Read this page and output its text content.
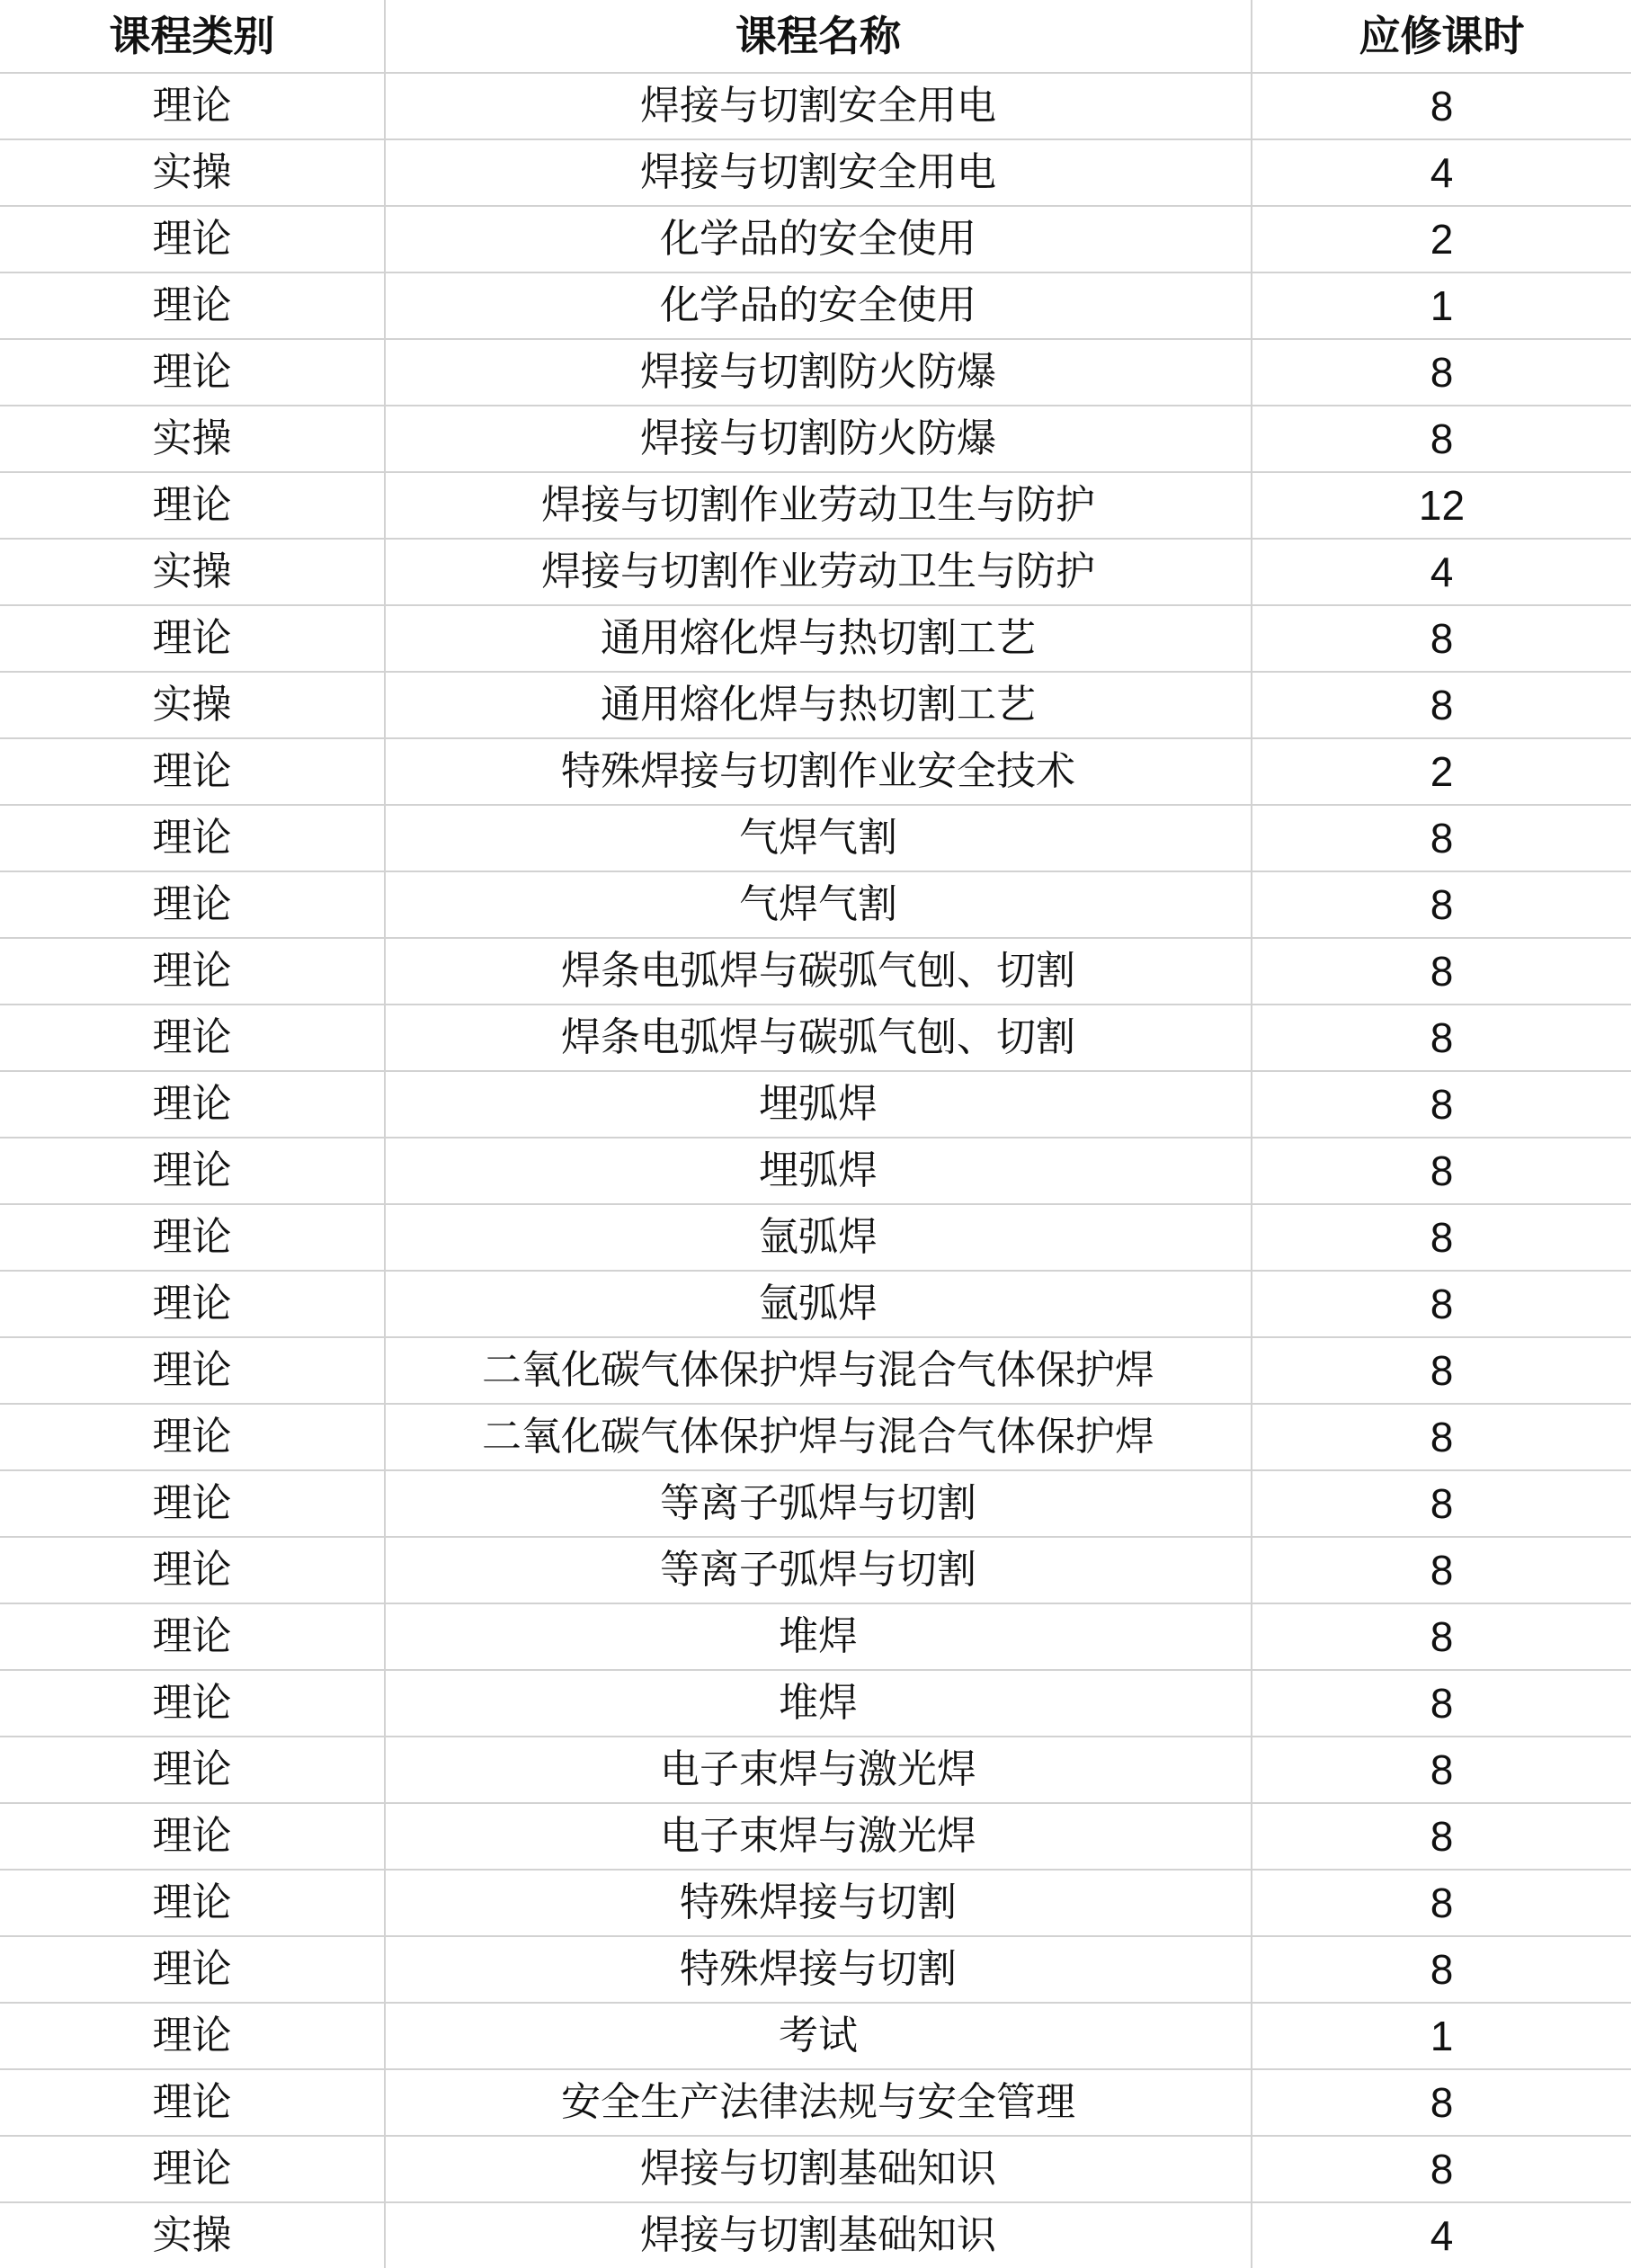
课程类别	课程名称	应修课时
理论	焊接与切割安全用电	8
实操	焊接与切割安全用电	4
理论	化学品的安全使用	2
理论	化学品的安全使用	1
理论	焊接与切割防火防爆	8
实操	焊接与切割防火防爆	8
理论	焊接与切割作业劳动卫生与防护	12
实操	焊接与切割作业劳动卫生与防护	4
理论	通用熔化焊与热切割工艺	8
实操	通用熔化焊与热切割工艺	8
理论	特殊焊接与切割作业安全技术	2
理论	气焊气割	8
理论	气焊气割	8
理论	焊条电弧焊与碳弧气刨、切割	8
理论	焊条电弧焊与碳弧气刨、切割	8
理论	埋弧焊	8
理论	埋弧焊	8
理论	氩弧焊	8
理论	氩弧焊	8
理论	二氧化碳气体保护焊与混合气体保护焊	8
理论	二氧化碳气体保护焊与混合气体保护焊	8
理论	等离子弧焊与切割	8
理论	等离子弧焊与切割	8
理论	堆焊	8
理论	堆焊	8
理论	电子束焊与激光焊	8
理论	电子束焊与激光焊	8
理论	特殊焊接与切割	8
理论	特殊焊接与切割	8
理论	考试	1
理论	安全生产法律法规与安全管理	8
理论	焊接与切割基础知识	8
实操	焊接与切割基础知识	4
